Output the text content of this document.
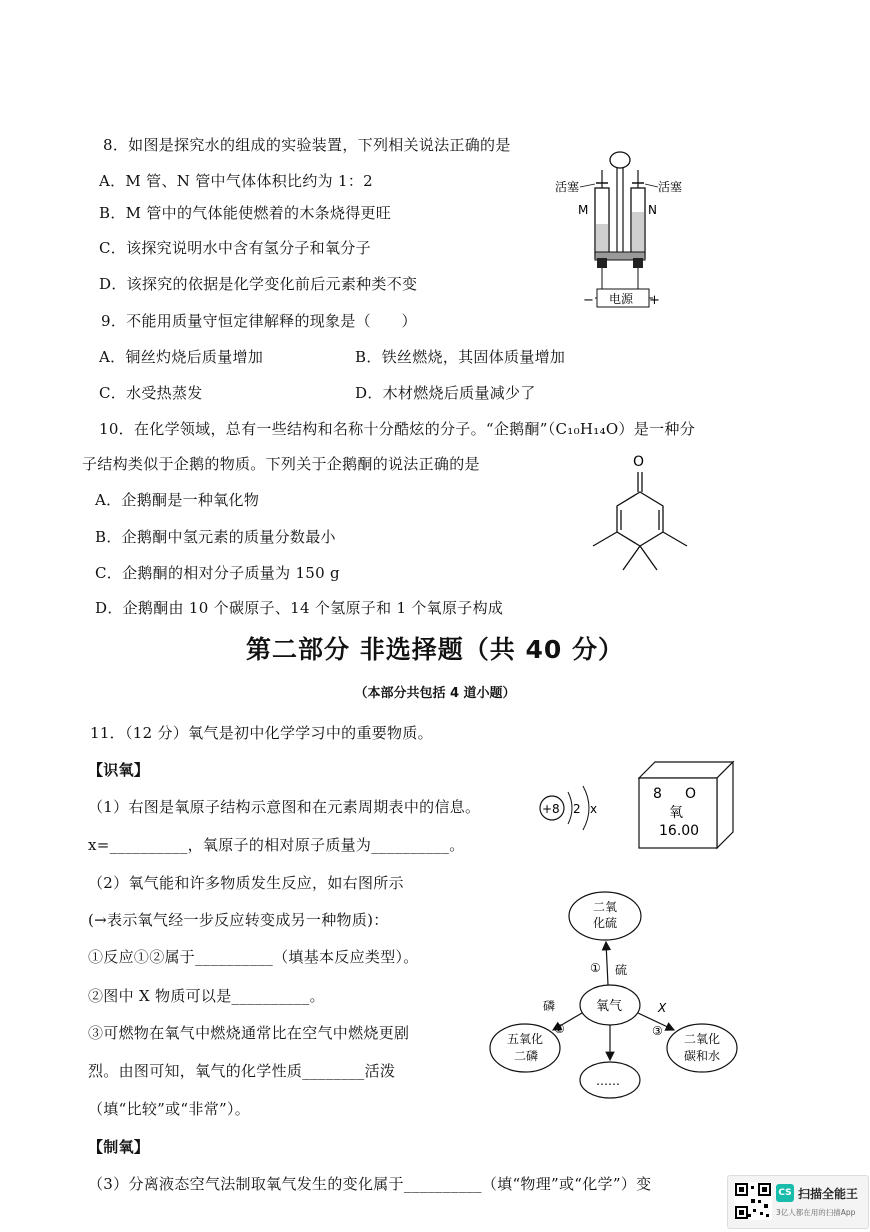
8．如图是探究水的组成的实验装置，下列相关说法正确的是
A．M 管、N 管中气体体积比约为 1：2
B．M 管中的气体能使燃着的木条烧得更旺
C．该探究说明水中含有氢分子和氧分子
D．该探究的依据是化学变化前后元素种类不变
活塞	活塞
M	N
电源
−	+
9．不能用质量守恒定律解释的现象是（　　）
A．铜丝灼烧后质量增加	B．铁丝燃烧，其固体质量增加
C．水受热蒸发	D．木材燃烧后质量减少了
10．在化学领域，总有一些结构和名称十分酷炫的分子。“企鹅酮”（C₁₀H₁₄O）是一种分
子结构类似于企鹅的物质。下列关于企鹅酮的说法正确的是
A．企鹅酮是一种氧化物
B．企鹅酮中氢元素的质量分数最小
C．企鹅酮的相对分子质量为 150 g
D．企鹅酮由 10 个碳原子、14 个氢原子和 1 个氧原子构成
O
第二部分 非选择题（共 40 分）
（本部分共包括 4 道小题）
11．（12 分）氧气是初中化学学习中的重要物质。
【识氧】
（1）右图是氧原子结构示意图和在元素周期表中的信息。
x=__________，氧原子的相对原子质量为__________。
（2）氧气能和许多物质发生反应，如右图所示
(→表示氧气经一步反应转变成另一种物质)：
①反应①②属于__________（填基本反应类型）。
②图中 X 物质可以是__________。
③可燃物在氧气中燃烧通常比在空气中燃烧更剧
烈。由图可知，氧气的化学性质________活泼
（填“比较”或“非常”）。
【制氧】
（3）分离液态空气法制取氧气发生的变化属于__________（填“物理”或“化学”）变
+8 2 x
8 O
氧
16.00
氧气
二氧
化硫
五氧化
二磷
二氧化
碳和水
……
① 硫
②
磷
③
X
CS 扫描全能王
3亿人都在用的扫描App
